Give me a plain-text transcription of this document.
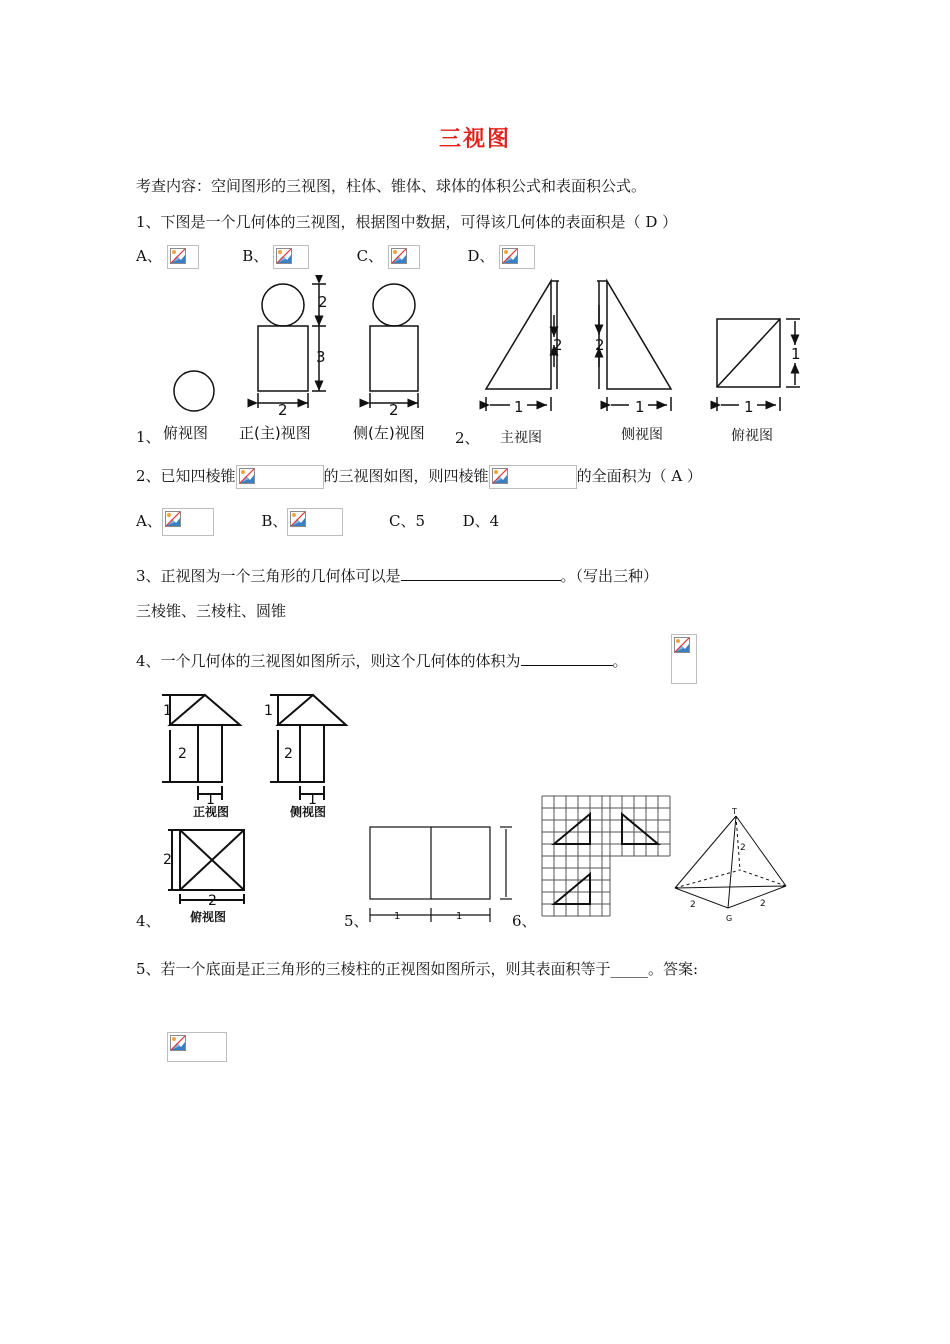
三视图
考查内容：空间图形的三视图，柱体、锥体、球体的体积公式和表面积公式。
1、下图是一个几何体的三视图，根据图中数据，可得该几何体的表面积是（ D ）
A、	B、	C、	D、
2
3
2	2
2
1
2
1
1
1
1、 俯视图 正(主)视图	侧(左)视图 2、 主视图	侧视图	俯视图
2、已知四棱锥	的三视图如图，则四棱锥	的全面积为（ A ）
A、	B、	C、5	D、4
3、正视图为一个三角形的几何体可以是	。（写出三种）
三棱锥、三棱柱、圆锥
4、一个几何体的三视图如图所示，则这个几何体的体积为	。

1
2
1
1
2
1
2
2
1	1
T
2
2	2
G
正视图	侧视图
俯视图
4、	5、	6、
5、若一个底面是正三角形的三棱柱的正视图如图所示，则其表面积等于_____。答案:
